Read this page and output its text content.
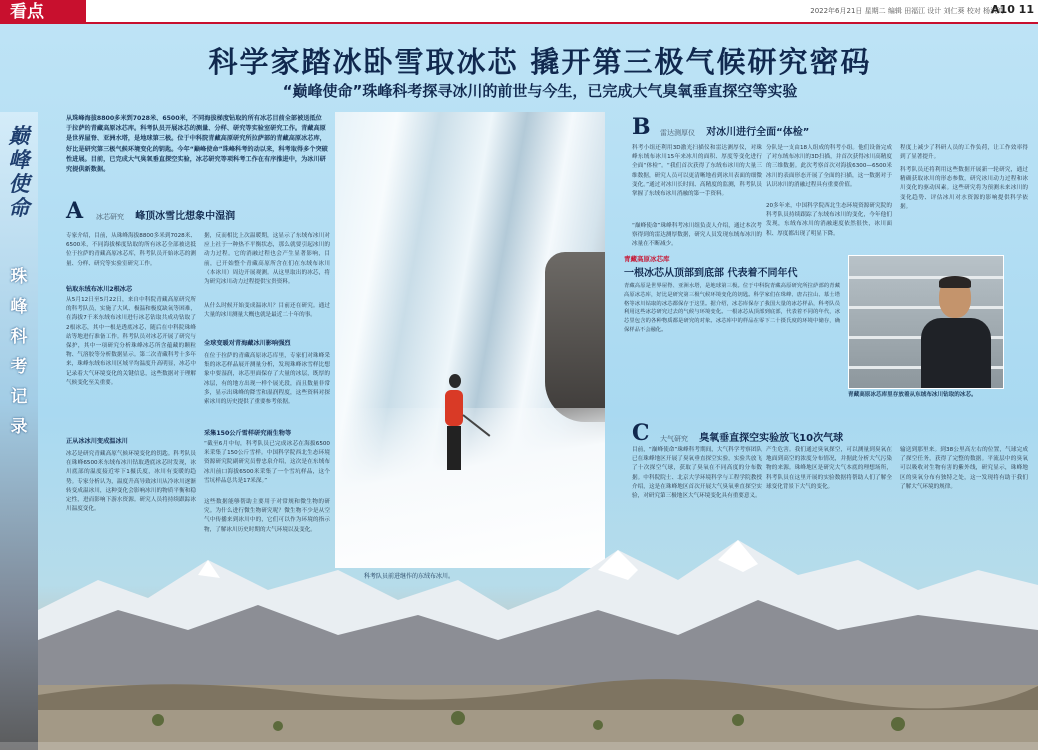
看点	2022年6月21日 星期二 编辑 田福江 设计 刘仁葵 校对 杨洪鸿
A10 11
巅峰使命
珠峰科考记录
科学家踏冰卧雪取冰芯 撬开第三极气候研究密码
“巅峰使命”珠峰科考探寻冰川的前世与今生，已完成大气臭氧垂直探空等实验
从珠峰海拔8800多米到7028米、6500米，不同海拔梯度钻取的所有冰芯目前全部被送抵位于拉萨的青藏高原冰芯库。科考队员开展冰芯的测量、分样、研究等实验室研究工作。青藏高原是世界屋脊、亚洲水塔，是地球第三极。位于中科院青藏高原研究所拉萨部的青藏高原冰芯库，好比是研究第三极气候环境变化的钥匙。今年“巅峰使命”珠峰科考的动以来，科考取得多个突破性进展。目前，已完成大气臭氧垂直探空实验，冰芯研究等项科考工作在有序推进中，为冰川研究提供新数据。
A 冰芯研究 峰顶冰雪比想象中湿润
专家介绍，目前，从珠峰海拔8800多米到7028米、6500米，不同海拔梯度钻取的所有冰芯全部被送抵位于拉萨的青藏高原冰芯库，科考队员开始冰芯的测量、分样、研究等实验室研究工作。
钻取东绒布冰川2根冰芯
从5月12日至5月22日，来自中科院青藏高原研究所的科考队员，实施了大风、极温和极度缺氧等困难，在海拔7千米东绒布冰川进行冰芯钻取共成功钻取了2根冰芯，其中一根是透底冰芯，随后在中科院珠峰站等地进行准备工作。科考队员对冰芯开展了研究与保护，其中一项研究分析珠峰冰芯所含蕴藏的颗粒物、气溶胶等分析数据显示。第二次青藏科考十多年来，珠峰东绒布冰川区域平均温度升高明显，冰芯中记录着大气环境变化的关键信息，这些数据对于理解气候变化至关重要。
正从冰冰川变成温冰川
冰芯是研究青藏高原气候环境变化的钥匙。科考队员在珠峰6500米东绒布冰川钻取透底冰芯时发现，冰川底部的温度接近零下1摄氏度，冰川有变暖的趋势。专家分析认为，温度升高导致冰川从冷冰川逐渐转变成温冰川，这种变化会影响冰川的物质平衡和稳定性，进而影响下游水资源。研究人员将持续跟踪冰川温度变化。
据，反而相比上次温暖期，这显示了东绒布冰川对应上社于一种热不平衡状态，那么就要引起冰川的动力过程。它的消融过程也会产生显著影响，目前，已开始整个青藏高原所含在们在东绒布冰川（本冰川）周边开展观测。从这里取出的冰芯，将为研究冰川动力过程提供宝贵资料。
从什么时候开始变成温冰川？目前还在研究。通过大量的冰川测量大概也就是最近二十年的事。
全球变暖对青海藏冰川影响强烈
在位于拉萨的青藏高原冰芯库里，专家们对珠峰采集的冰芯样品展开测量分析，发现珠峰冰雪样比想象中要湿润，冰芯里面保存了大量的冰层，既厚的冰层，有的地方出现一样个展光段，而且数量非常多，显示出珠峰的降雪和湿润程度，这些资料对探索冰川的历史提供了重要参考依据。
采集150公斤雪样研究雨生物等
“截至6月中旬，科考队员已完成冰芯在海拔6500米采集了150公斤雪样。中国科学院西北生态环境资源研究院副研究员曹忠泉介绍，这次是在东绒布冰川前口海拔6500米采集了一个雪坑样品，这个雪坑样品总共是17米深。”
这些数据能够帮助主要用于对常规和微生物的研究。为什么进行微生物研究呢？微生物不少是从空气中传播来到冰川中的，它们可以作为环境的指示物，了解冰川历史时期的大气环境以及变化。
科考队员前进继作的东绒布冰川。
B 雷达测厚仪 对冰川进行全面“体检”
科考小组还利用3D激光扫描仪和雷达测厚仪，对珠峰东绒布冰川15年来冰川的面积、厚度等变化进行全面“体检”。“我们首次获得了东绒布冰川的大量三维数据，研究人员可以更清晰地看到冰川表面的细微变化。”通过对冰川长时间、高精度的监测，科考队员掌握了东绒布冰川消融的第一手资料。
“巅峰使命”珠峰科考冰川组负责人介绍，通过本次考察得到的雷达测厚数据，研究人员发现东绒布冰川的冰量在不断减少。
分队是一支由18人组成的科考小组。他们设备完成了对东绒布冰川的3D扫描，并首次获得冰川高精度的三维数据。此次考察首次对海拔6300—6500米冰川的表面形态开展了全面的扫描，这一数据对于认识冰川的消融过程具有重要价值。
20多年来，中国科学院西北生态环境资源研究院的科考队员持续跟踪了东绒布冰川的变化，今年他们发现，东绒布冰川的消融速度依然很快，冰川面积、厚度都出现了明显下降。
程度上减少了科研人员的工作负荷，让工作效率得到了显著提升。
科考队员还将利用这些数据开展新一轮研究，通过精确获取冰川的形态参数，研究冰川动力过程和冰川变化的驱动因素。这些研究将为预测未来冰川的变化趋势、评估冰川对水资源的影响提供科学依据。
青藏高原冰芯库
一根冰芯从顶部到底部 代表着不同年代
青藏高原是世界屋脊、亚洲水塔，是地球第三极。位于中科院青藏高原研究所拉萨部的青藏高原冰芯库，好比是研究第三极气候环境变化的钥匙。科学家们在珠峰、唐古拉山、慕士塔格等冰川钻取的冰芯都保存于这里。据介绍，冰芯库保存了我国大量的冰芯样品，科考队员利用这些冰芯研究过去的气候与环境变化。一根冰芯从顶部到底部，代表着不同的年代，冰芯里包含的各种物质都是研究的对象。冰芯库中的样品在零下二十摄氏度的环境中储存，确保样品不会融化。
青藏高原冰芯库里存放着从东绒布冰川钻取的冰芯。
C 大气研究 臭氧垂直探空实验放飞10次气球
目前，“巅峰使命”珠峰科考期间，大气科学考察团队已在珠峰地区开展了臭氧垂直探空实验，实验共放飞了十次探空气球，获取了臭氧在不同高度的分布数据。中科院院士、北京大学环境科学与工程学院教授介绍，这是在珠峰地区首次开展大气臭氧垂直探空实验，对研究第三极地区大气环境变化具有重要意义。
产生危害。我们通过臭氧探空，可以测量到臭氧在地面到高空的浓度分布情况，并据此分析大气污染物的来源。珠峰地区是研究大气本底的理想场所，科考队员在这里开展的实验数据将帮助人们了解全球变化背景下大气的变化。
输送到那里来。到38公里高左右的位置，气球完成了探空任务，获得了完整的数据。平流层中的臭氧可以吸收对生物有害的紫外线，研究显示，珠峰地区的臭氧分布有独特之处，这一发现将有助于我们了解大气环境的规律。
